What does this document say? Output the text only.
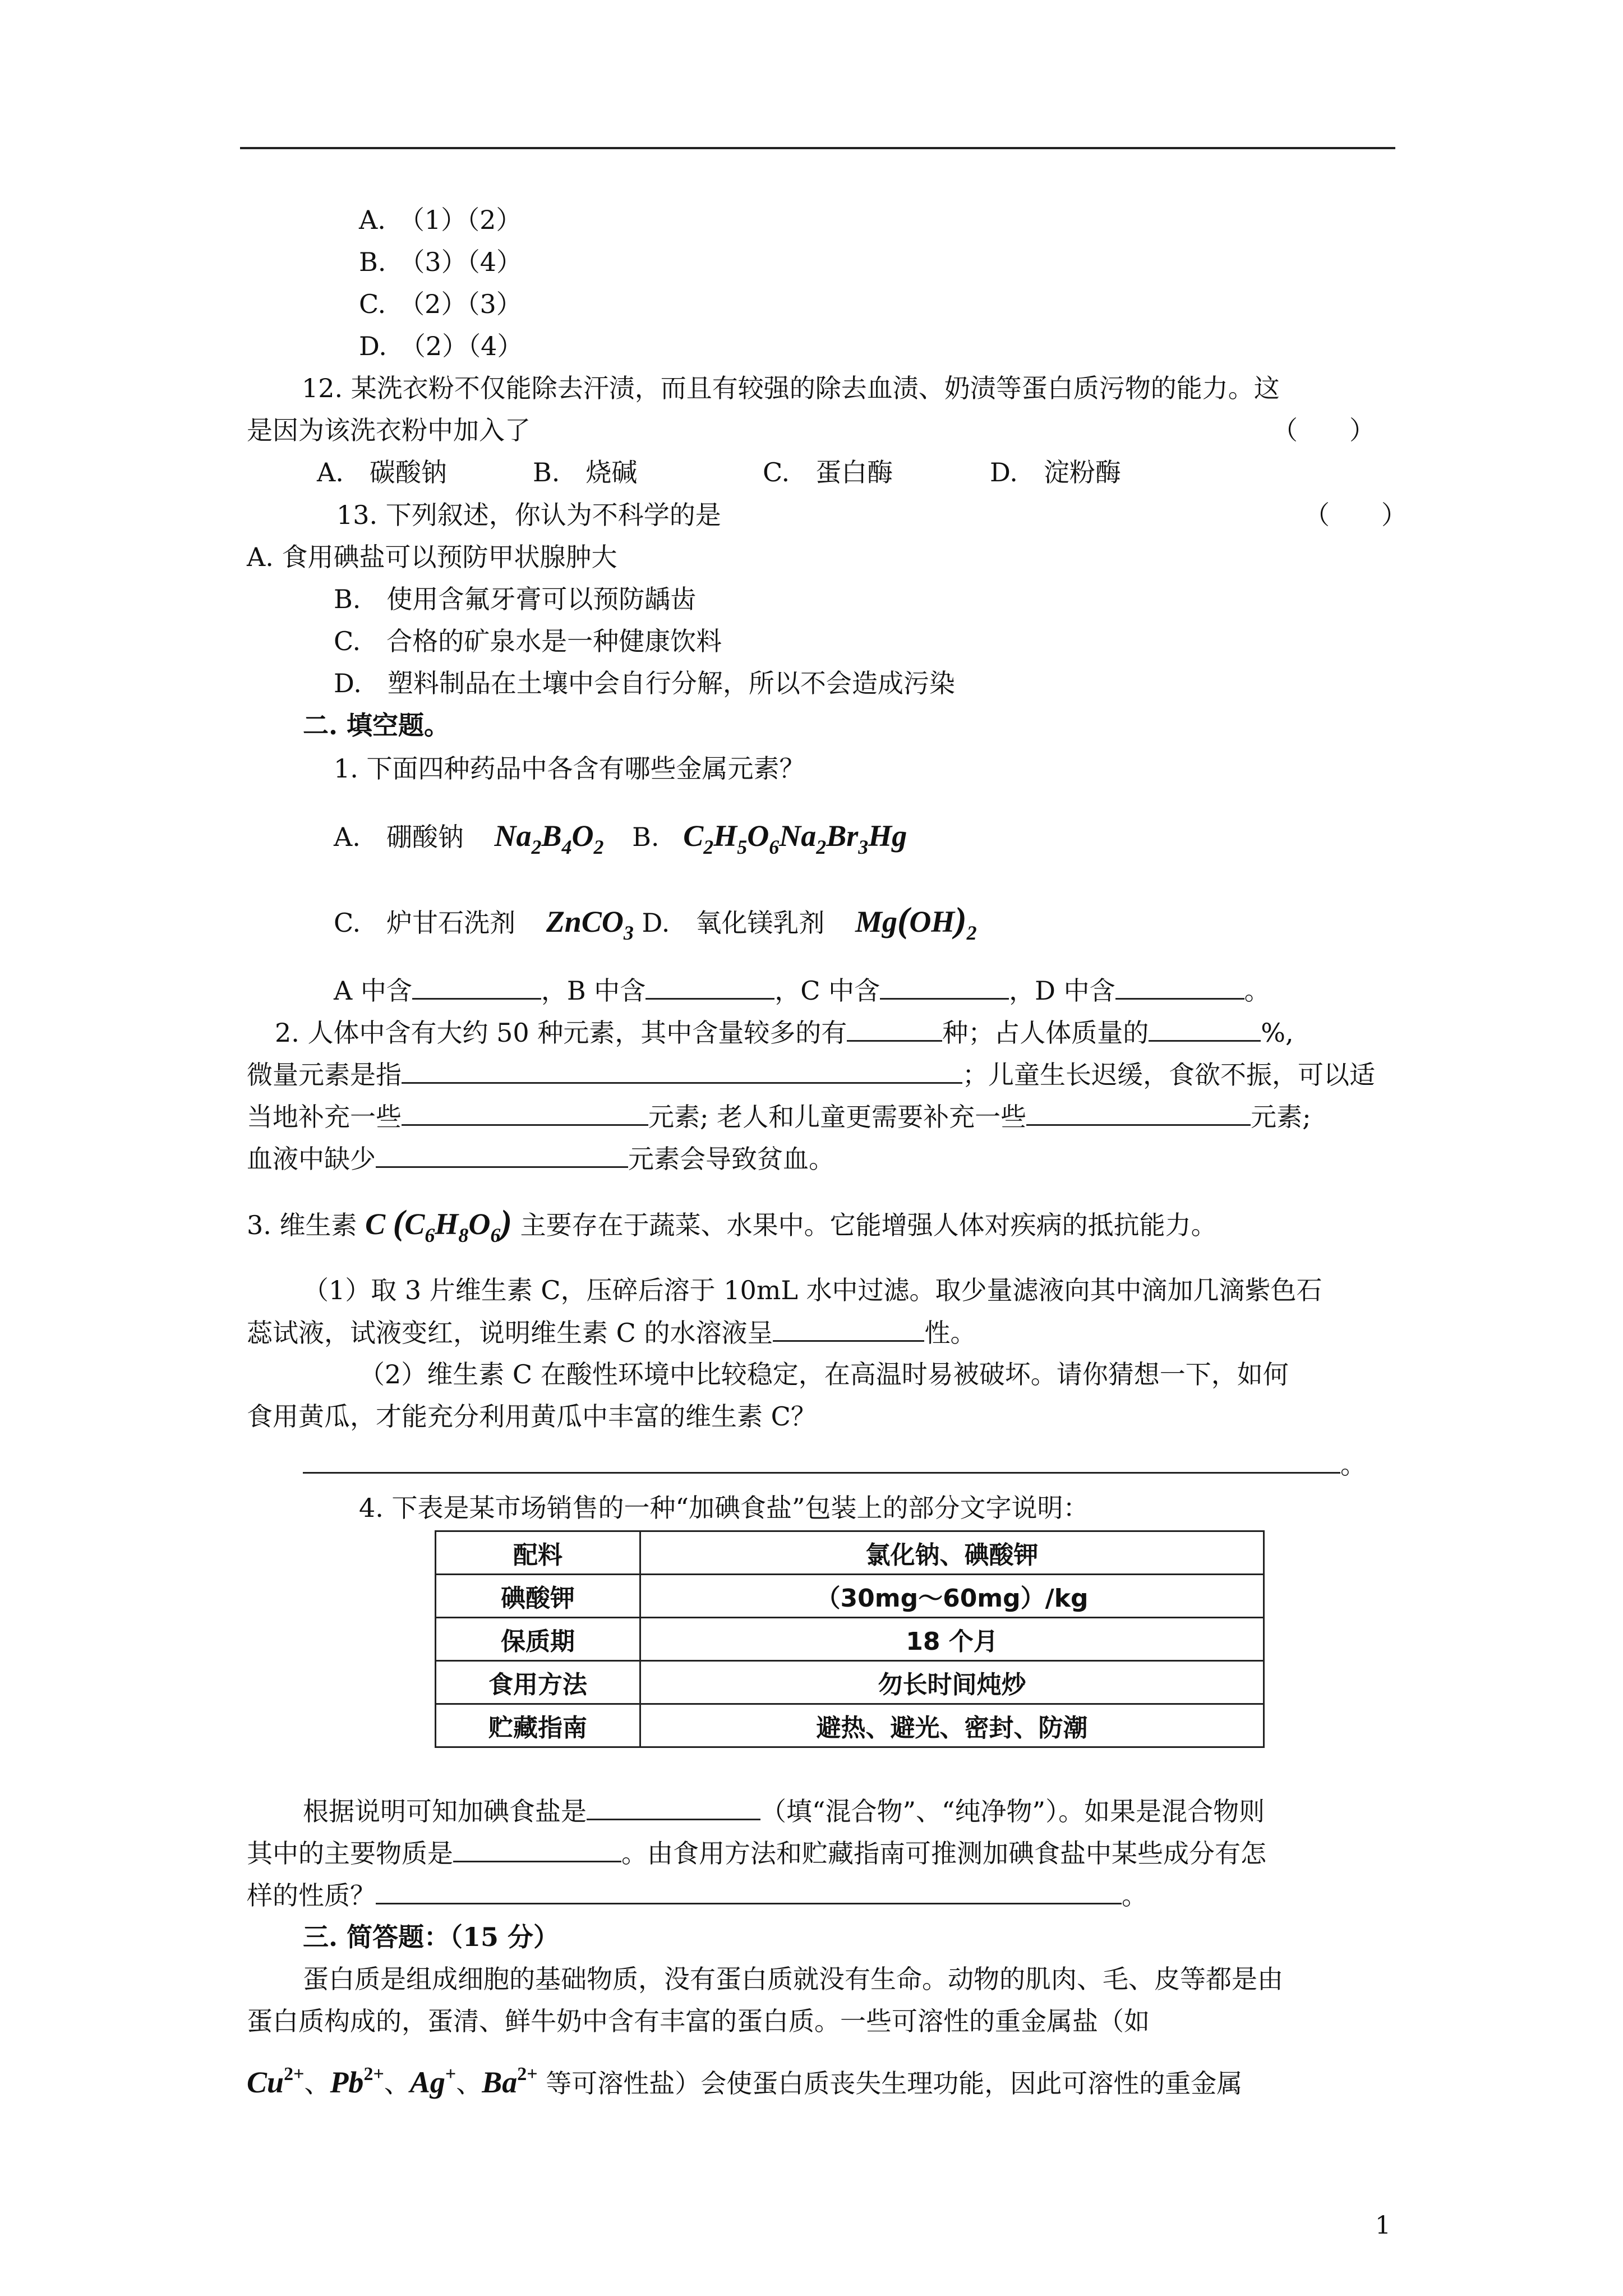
A.　（1）（2）
B.　（3）（4）
C.　（2）（3）
D.　（2）（4）
12. 某洗衣粉不仅能除去汗渍，而且有较强的除去血渍、奶渍等蛋白质污物的能力。这
是因为该洗衣粉中加入了	（　　）
A.　碳酸钠	B.　烧碱	C.　蛋白酶	D.　淀粉酶
13. 下列叙述，你认为不科学的是	（　　）
A. 食用碘盐可以预防甲状腺肿大
B.　使用含氟牙膏可以预防龋齿
C.　合格的矿泉水是一种健康饮料
D.　塑料制品在土壤中会自行分解，所以不会造成污染
二. 填空题。
1. 下面四种药品中各含有哪些金属元素？
A.　硼酸钠 $Na_2B_4O_2$ B. $C_2H_5O_6Na_2Br_3Hg$
C.　炉甘石洗剂 ZnCO$_3$ D.　氧化镁乳剂 $Mg(OH)_2$
A 中含	，B 中含	，C 中含	，D 中含	。
2. 人体中含有大约 50 种元素，其中含量较多的有	种；占人体质量的	%,
微量元素是指	；儿童生长迟缓，食欲不振，可以适
当地补充一些	元素; 老人和儿童更需要补充一些	元素;
血液中缺少	元素会导致贫血。
3. 维生素 C $(C_6H_8O_6)$ 主要存在于蔬菜、水果中。它能增强人体对疾病的抵抗能力。
（1）取 3 片维生素 C，压碎后溶于 10mL 水中过滤。取少量滤液向其中滴加几滴紫色石
蕊试液，试液变红，说明维生素 C 的水溶液呈	性。
（2）维生素 C 在酸性环境中比较稳定，在高温时易被破坏。请你猜想一下，如何
食用黄瓜，才能充分利用黄瓜中丰富的维生素 C？
。
4. 下表是某市场销售的一种“加碘食盐”包装上的部分文字说明：
配料	氯化钠、碘酸钾
碘酸钾	（30mg～60mg）/kg
保质期	18 个月
食用方法	勿长时间炖炒
贮藏指南	避热、避光、密封、防潮
根据说明可知加碘食盐是	（填“混合物”、“纯净物”）。如果是混合物则
其中的主要物质是	。由食用方法和贮藏指南可推测加碘食盐中某些成分有怎
样的性质？	。
三. 简答题：（15 分）
蛋白质是组成细胞的基础物质，没有蛋白质就没有生命。动物的肌肉、毛、皮等都是由
蛋白质构成的，蛋清、鲜牛奶中含有丰富的蛋白质。一些可溶性的重金属盐（如
$Cu^{2+}$、$Pb^{2+}$、Ag+、$Ba^{2+}$ 等可溶性盐）会使蛋白质丧失生理功能，因此可溶性的重金属
1
